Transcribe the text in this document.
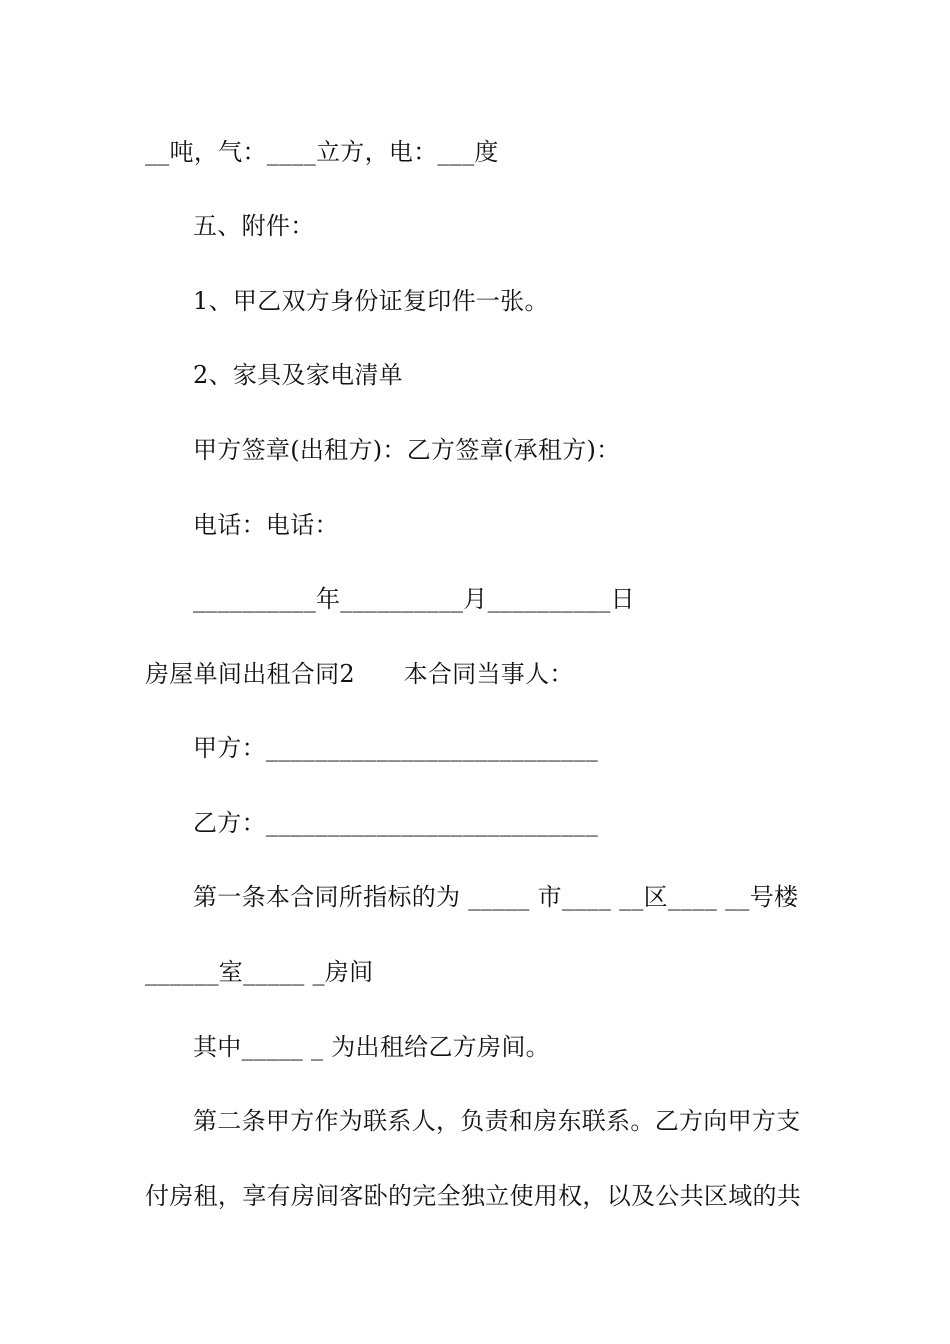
__吨，气：____立方，电：___度
五、附件：
1、甲乙双方身份证复印件一张。
2、家具及家电清单
甲方签章(出租方)：乙方签章(承租方)：
电话：电话：
__________年__________月__________日
房屋单间出租合同2　　本合同当事人：
甲方：___________________________
乙方：___________________________
第一条本合同所指标的为 _____ 市____ __区____ __号楼
______室_____ _房间
其中_____ _ 为出租给乙方房间。
第二条甲方作为联系人，负责和房东联系。乙方向甲方支
付房租，享有房间客卧的完全独立使用权，以及公共区域的共
